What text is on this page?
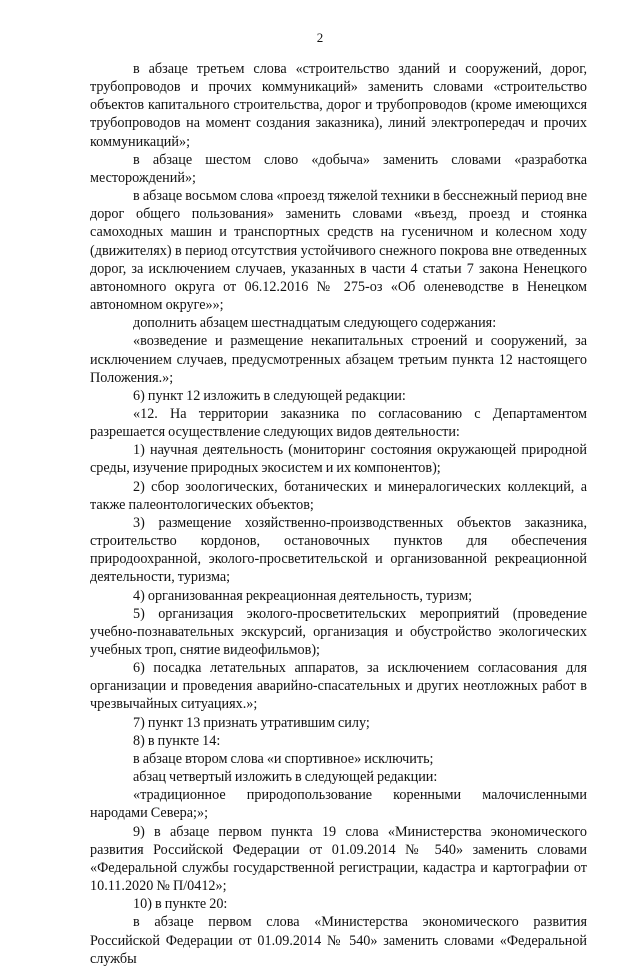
2

в абзаце третьем слова «строительство зданий и сооружений, дорог, трубопроводов и прочих коммуникаций» заменить словами «строительство объектов капитального строительства, дорог и трубопроводов (кроме имеющихся трубопроводов на момент создания заказника), линий электропередач и прочих коммуникаций»;

в абзаце шестом слово «добыча» заменить словами «разработка месторождений»;

в абзаце восьмом слова «проезд тяжелой техники в бесснежный период вне дорог общего пользования» заменить словами «въезд, проезд и стоянка самоходных машин и транспортных средств на гусеничном и колесном ходу (движителях) в период отсутствия устойчивого снежного покрова вне отведенных дорог, за исключением случаев, указанных в части 4 статьи 7 закона Ненецкого автономного округа от 06.12.2016 № 275-оз «Об оленеводстве в Ненецком автономном округе»»;

дополнить абзацем шестнадцатым следующего содержания:

«возведение и размещение некапитальных строений и сооружений, за исключением случаев, предусмотренных абзацем третьим пункта 12 настоящего Положения.»;

6) пункт 12 изложить в следующей редакции:

«12. На территории заказника по согласованию с Департаментом разрешается осуществление следующих видов деятельности:

1) научная деятельность (мониторинг состояния окружающей природной среды, изучение природных экосистем и их компонентов);

2) сбор зоологических, ботанических и минералогических коллекций, а также палеонтологических объектов;

3) размещение хозяйственно-производственных объектов заказника, строительство кордонов, остановочных пунктов для обеспечения природоохранной, эколого-просветительской и организованной рекреационной деятельности, туризма;

4) организованная рекреационная деятельность, туризм;

5) организация эколого-просветительских мероприятий (проведение учебно-познавательных экскурсий, организация и обустройство экологических учебных троп, снятие видеофильмов);

6) посадка летательных аппаратов, за исключением согласования для организации и проведения аварийно-спасательных и других неотложных работ в чрезвычайных ситуациях.»;

7) пункт 13 признать утратившим силу;

8) в пункте 14:

в абзаце втором слова «и спортивное» исключить;

абзац четвертый изложить в следующей редакции:

«традиционное природопользование коренными малочисленными народами Севера;»;

9) в абзаце первом пункта 19 слова «Министерства экономического развития Российской Федерации от 01.09.2014 № 540» заменить словами «Федеральной службы государственной регистрации, кадастра и картографии от 10.11.2020 № П/0412»;

10) в пункте 20:

в абзаце первом слова «Министерства экономического развития Российской Федерации от 01.09.2014 № 540» заменить словами «Федеральной службы
